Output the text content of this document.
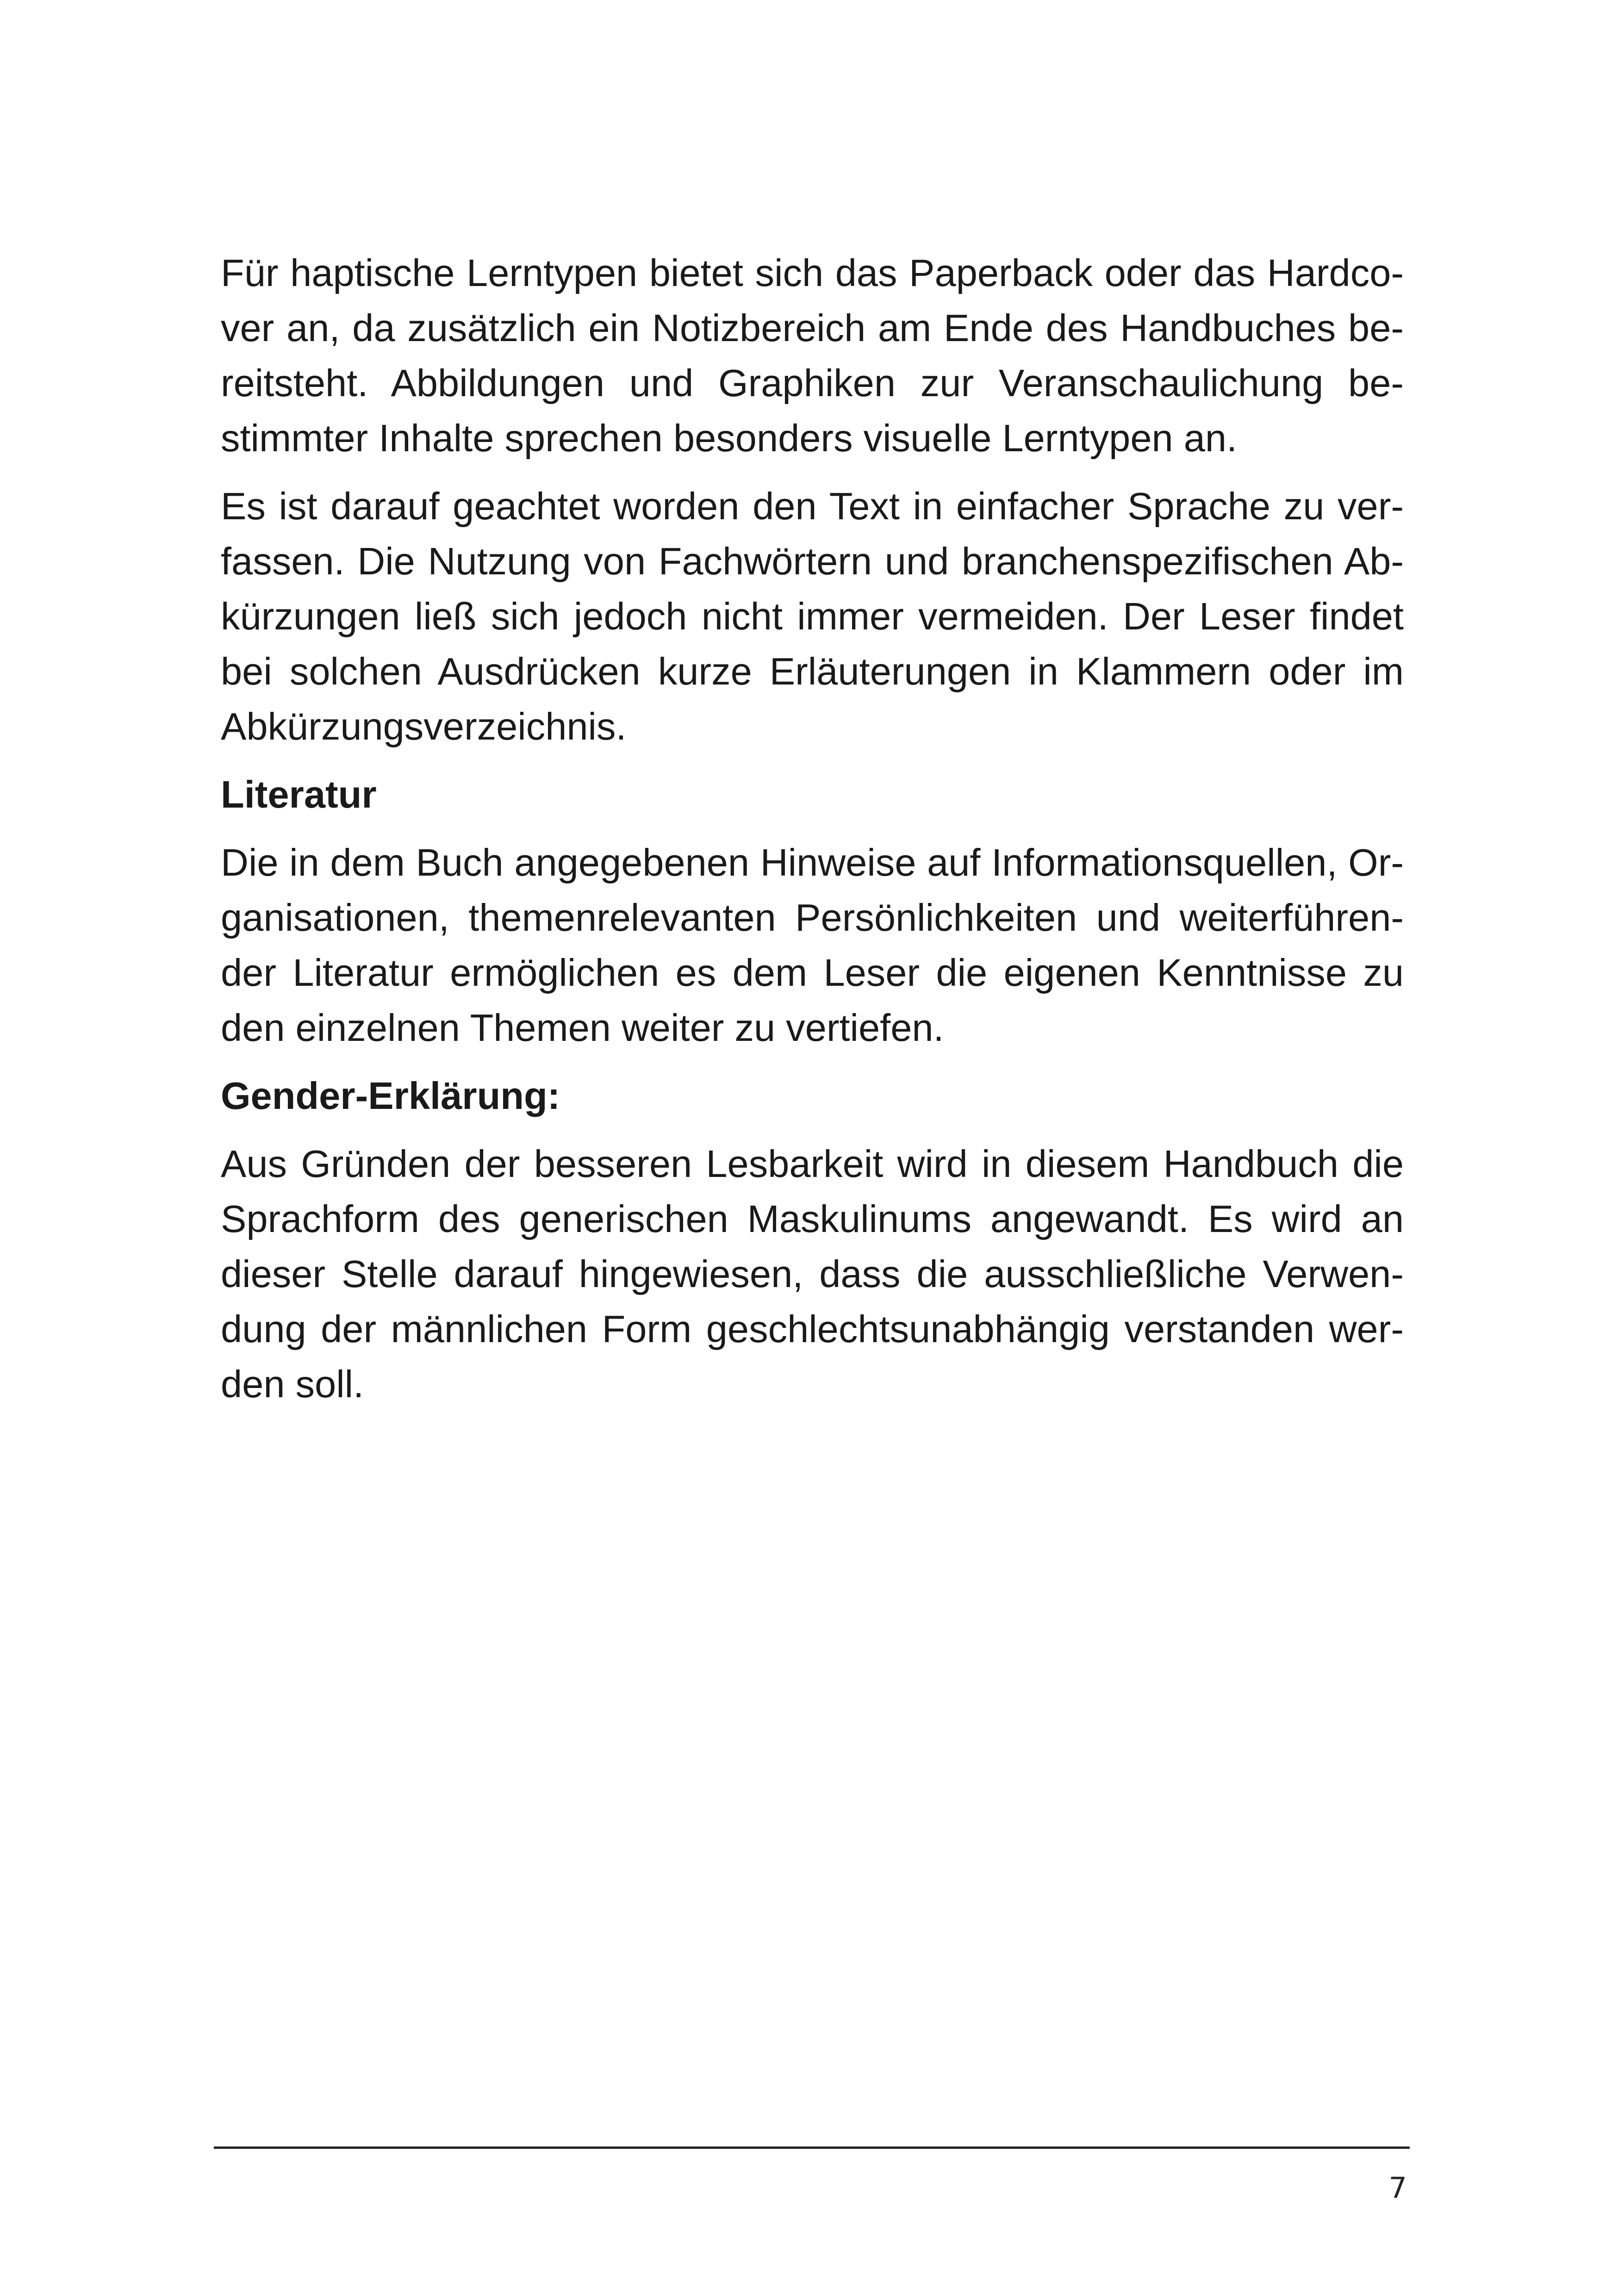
Für haptische Lerntypen bietet sich das Paperback oder das Hardco-
ver an, da zusätzlich ein Notizbereich am Ende des Handbuches be-
reitsteht. Abbildungen und Graphiken zur Veranschaulichung be-
stimmter Inhalte sprechen besonders visuelle Lerntypen an.

Es ist darauf geachtet worden den Text in einfacher Sprache zu ver-
fassen. Die Nutzung von Fachwörtern und branchenspezifischen Ab-
kürzungen ließ sich jedoch nicht immer vermeiden. Der Leser findet
bei solchen Ausdrücken kurze Erläuterungen in Klammern oder im
Abkürzungsverzeichnis.

Literatur

Die in dem Buch angegebenen Hinweise auf Informationsquellen, Or-
ganisationen, themenrelevanten Persönlichkeiten und weiterführen-
der Literatur ermöglichen es dem Leser die eigenen Kenntnisse zu
den einzelnen Themen weiter zu vertiefen.

Gender-Erklärung:

Aus Gründen der besseren Lesbarkeit wird in diesem Handbuch die
Sprachform des generischen Maskulinums angewandt. Es wird an
dieser Stelle darauf hingewiesen, dass die ausschließliche Verwen-
dung der männlichen Form geschlechtsunabhängig verstanden wer-
den soll.

7
